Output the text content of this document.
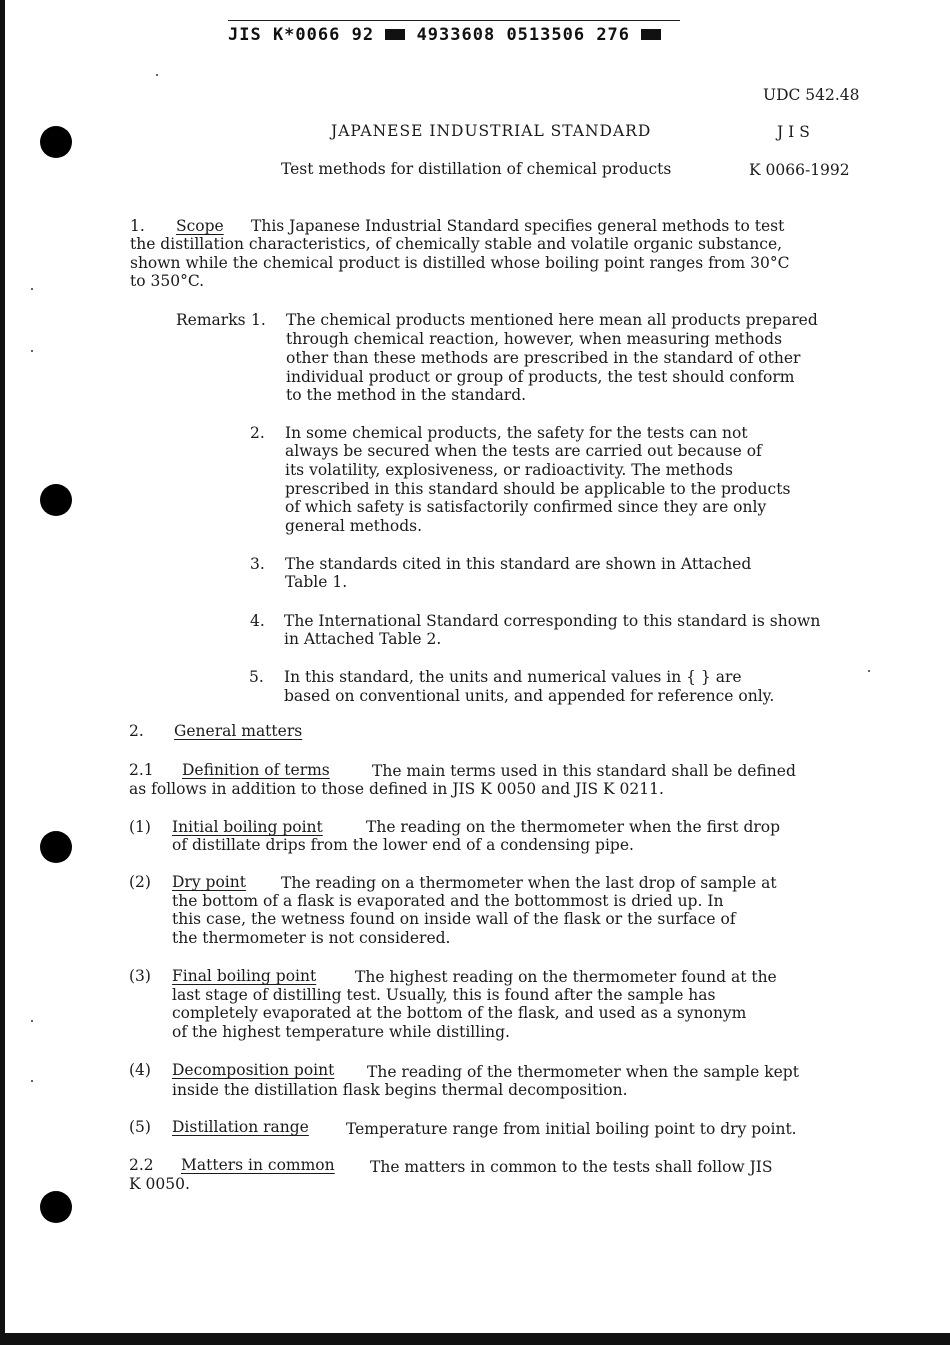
JIS K*0066 92	4933608 0513506 276
UDC 542.48
JAPANESE INDUSTRIAL STANDARD	J I S
Test methods for distillation of chemical products	K 0066-1992
1. Scope This Japanese Industrial Standard specifies general methods to test
the distillation characteristics, of chemically stable and volatile organic substance,
shown while the chemical product is distilled whose boiling point ranges from 30°C
to 350°C.
Remarks 1. The chemical products mentioned here mean all products prepared
through chemical reaction, however, when measuring methods
other than these methods are prescribed in the standard of other
individual product or group of products, the test should conform
to the method in the standard.
2. In some chemical products, the safety for the tests can not
always be secured when the tests are carried out because of
its volatility, explosiveness, or radioactivity. The methods
prescribed in this standard should be applicable to the products
of which safety is satisfactorily confirmed since they are only
general methods.
3. The standards cited in this standard are shown in Attached
Table 1.
4. The International Standard corresponding to this standard is shown
in Attached Table 2.
5. In this standard, the units and numerical values in { } are
based on conventional units, and appended for reference only.
2. General matters
2.1 Definition of terms	The main terms used in this standard shall be defined
as follows in addition to those defined in JIS K 0050 and JIS K 0211.
(1) Initial boiling point	The reading on the thermometer when the first drop
of distillate drips from the lower end of a condensing pipe.
(2) Dry point The reading on a thermometer when the last drop of sample at
the bottom of a flask is evaporated and the bottommost is dried up. In
this case, the wetness found on inside wall of the flask or the surface of
the thermometer is not considered.
(3) Final boiling point	The highest reading on the thermometer found at the
last stage of distilling test. Usually, this is found after the sample has
completely evaporated at the bottom of the flask, and used as a synonym
of the highest temperature while distilling.
(4) Decomposition point The reading of the thermometer when the sample kept
inside the distillation flask begins thermal decomposition.
(5) Distillation range Temperature range from initial boiling point to dry point.
2.2 Matters in common The matters in common to the tests shall follow JIS
K 0050.
